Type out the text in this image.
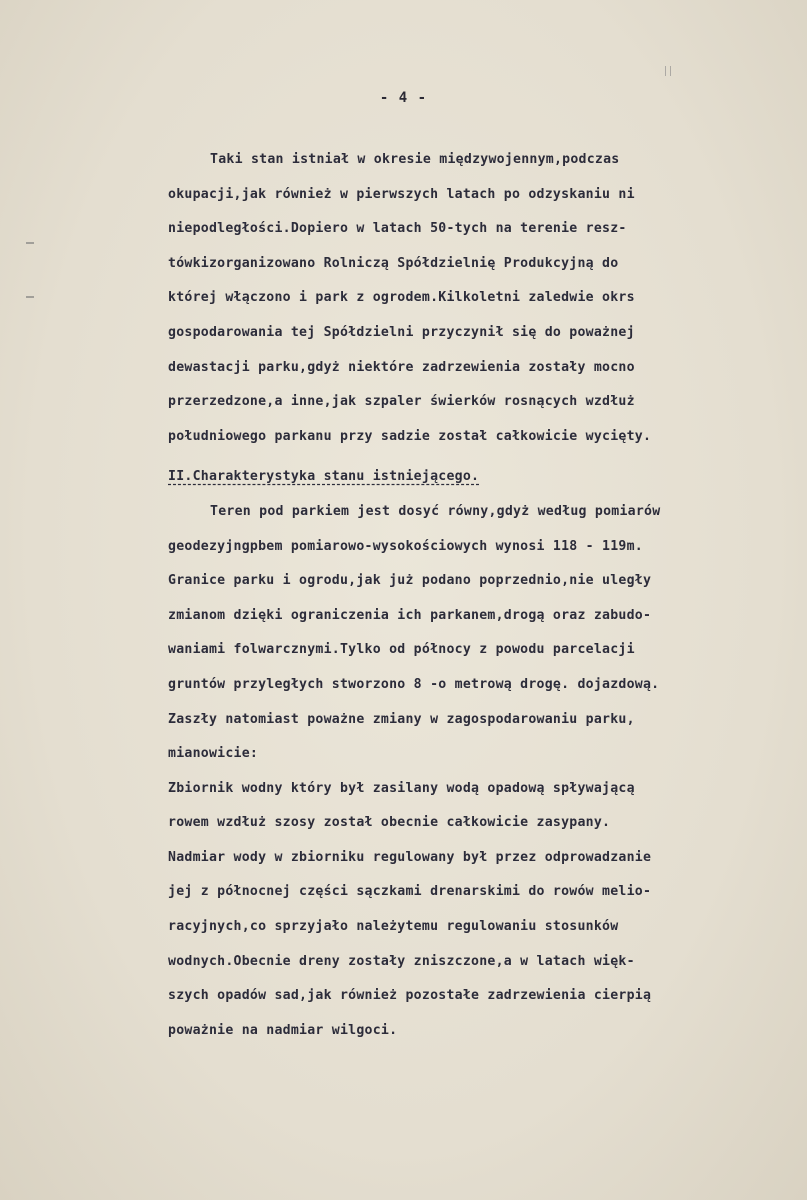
- 4 -
Taki stan istniał w okresie międzywojennym,podczas
okupacji,jak również w pierwszych latach po odzyskaniu ni
niepodległości.Dopiero w latach 50-tych na terenie resz-
tówkizorganizowano Rolniczą Spółdzielnię Produkcyjną do
której włączono i park z ogrodem.Kilkoletni zaledwie okrs
gospodarowania tej Spółdzielni przyczynił się do poważnej
dewastacji parku,gdyż niektóre zadrzewienia zostały mocno
przerzedzone,a inne,jak szpaler świerków rosnących wzdłuż
południowego parkanu przy sadzie został całkowicie wycięty.
II.Charakterystyka stanu istniejącego.
Teren pod parkiem jest dosyć równy,gdyż według pomiarów
geodezyjngpbem pomiarowo-wysokościowych wynosi 118 - 119m.
Granice parku i ogrodu,jak już podano poprzednio,nie uległy
zmianom dzięki ograniczenia ich parkanem,drogą oraz zabudo-
waniami folwarcznymi.Tylko od północy z powodu parcelacji
gruntów przyległych stworzono 8 -o metrową drogę. dojazdową.
Zaszły natomiast poważne zmiany w zagospodarowaniu parku,
mianowicie:
Zbiornik wodny który był zasilany wodą opadową spływającą
rowem wzdłuż szosy został obecnie całkowicie zasypany.
Nadmiar wody w zbiorniku regulowany był przez odprowadzanie
jej z północnej części sączkami drenarskimi do rowów melio-
racyjnych,co sprzyjało należytemu regulowaniu stosunków
wodnych.Obecnie dreny zostały zniszczone,a w latach więk-
szych opadów sad,jak również pozostałe zadrzewienia cierpią
poważnie na nadmiar wilgoci.
